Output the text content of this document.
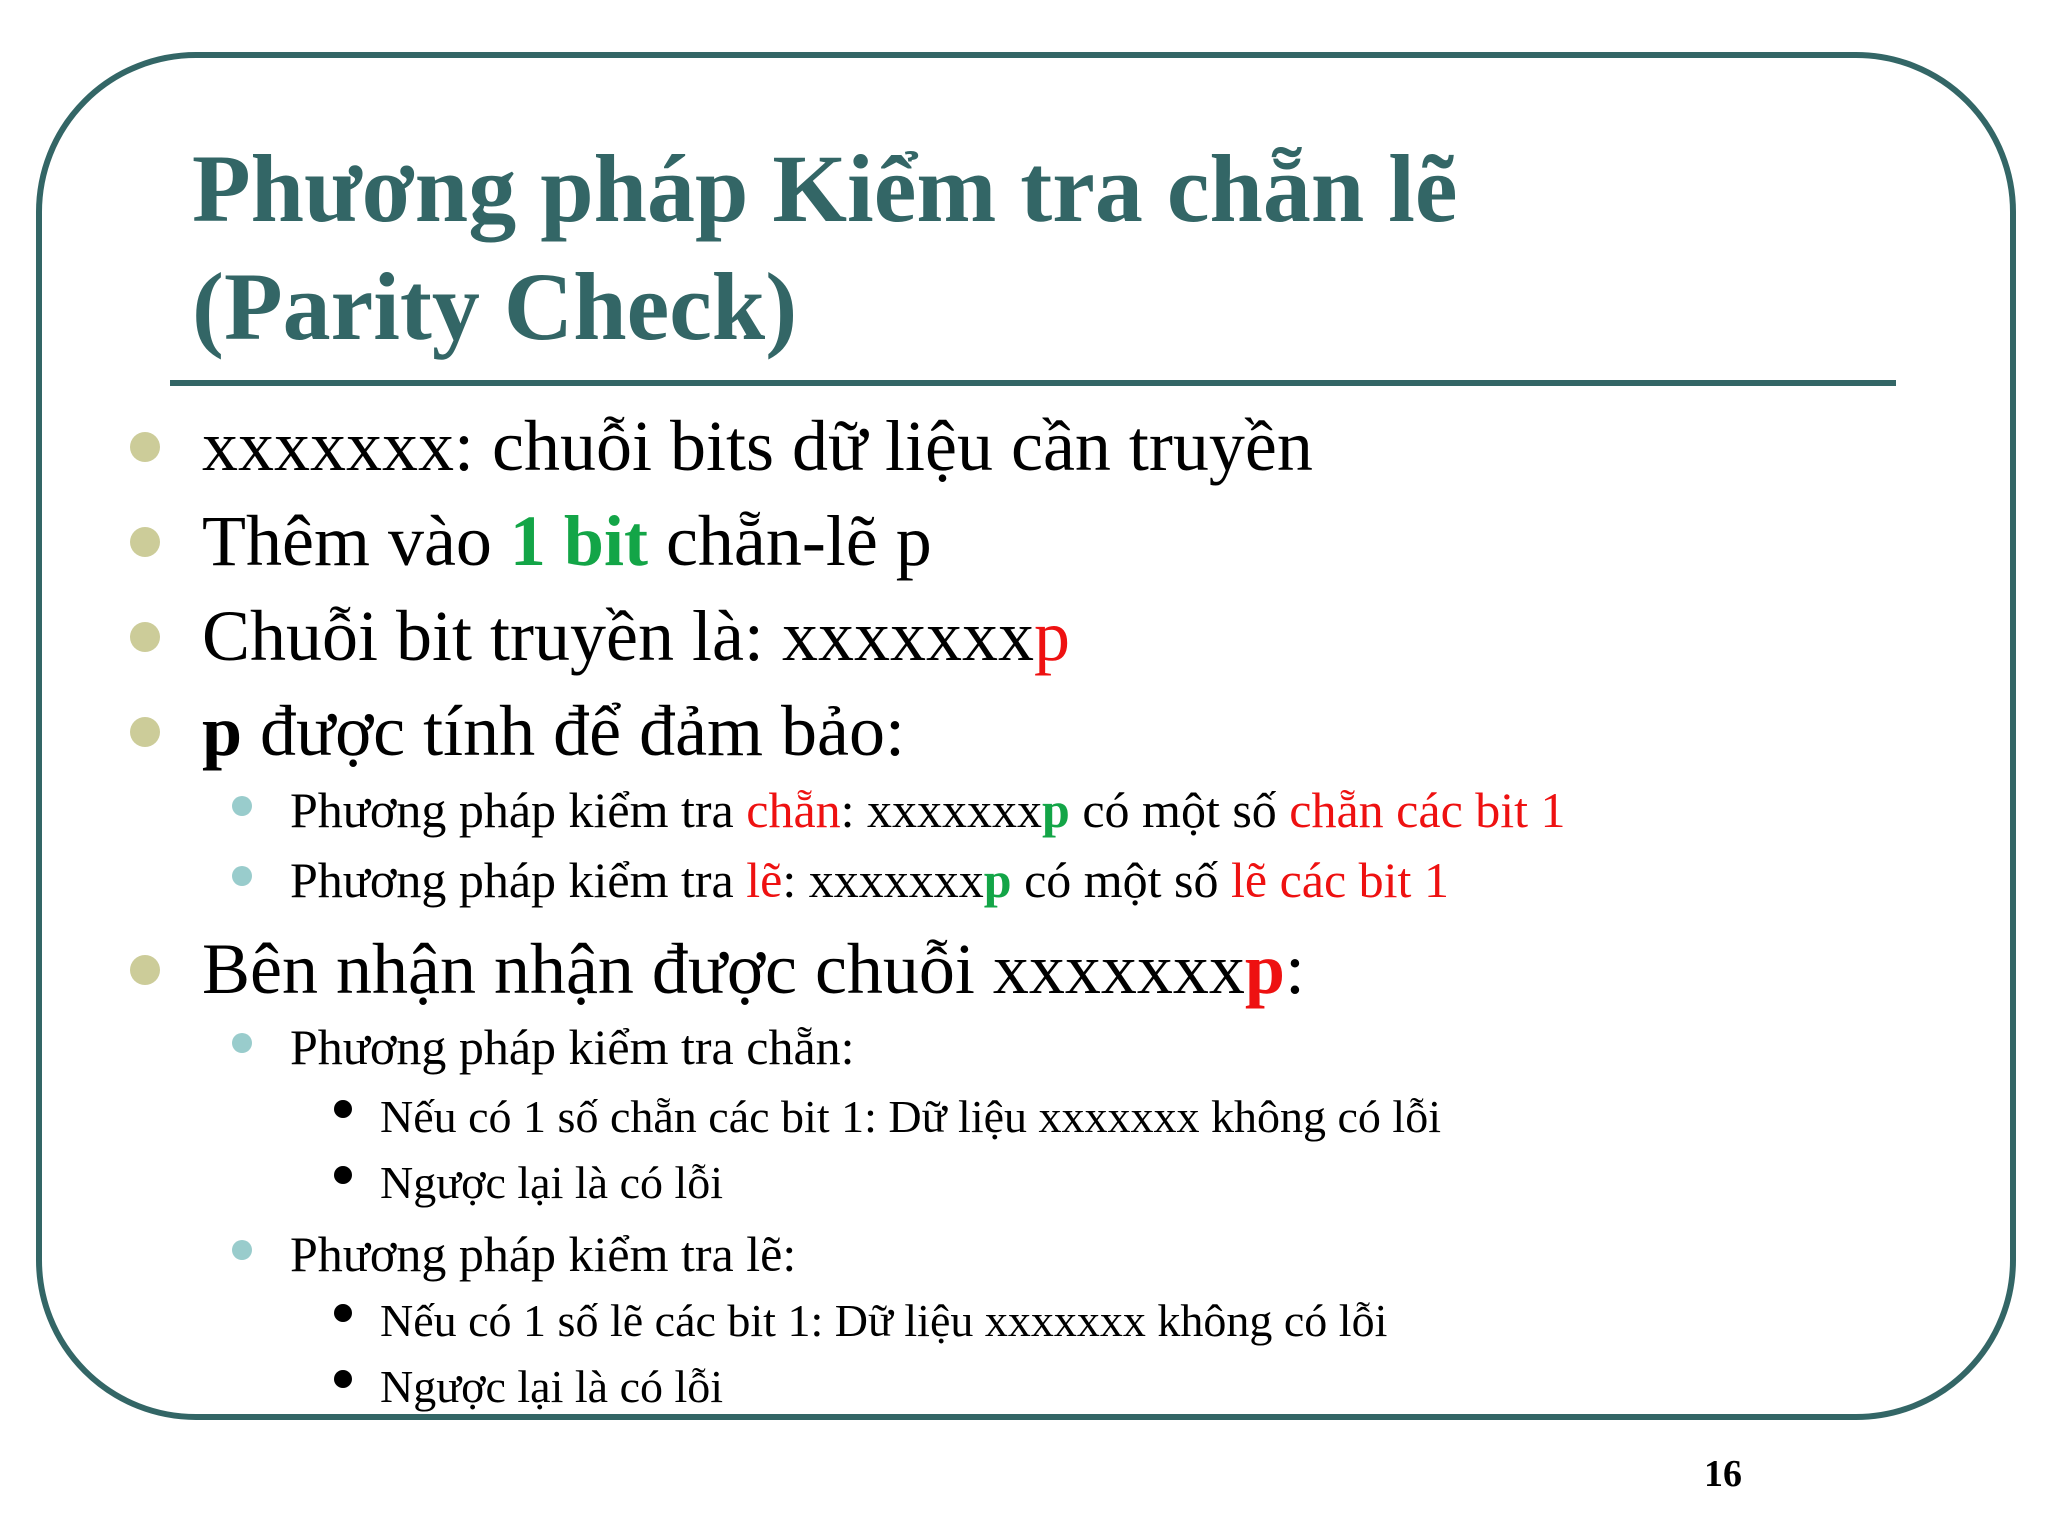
Phương pháp Kiểm tra chẵn lẽ
(Parity Check)
xxxxxxx: chuỗi bits dữ liệu cần truyền
Thêm vào 1 bit chẵn-lẽ p
Chuỗi bit truyền là: xxxxxxxp
p được tính để đảm bảo:
Phương pháp kiểm tra chẵn: xxxxxxxp có một số chẵn các bit 1
Phương pháp kiểm tra lẽ: xxxxxxxp có một số lẽ các bit 1
Bên nhận nhận được chuỗi xxxxxxxp:
Phương pháp kiểm tra chẵn:
Nếu có 1 số chẵn các bit 1: Dữ liệu xxxxxxx không có lỗi
Ngược lại là có lỗi
Phương pháp kiểm tra lẽ:
Nếu có 1 số lẽ các bit 1: Dữ liệu xxxxxxx không có lỗi
Ngược lại là có lỗi
16
